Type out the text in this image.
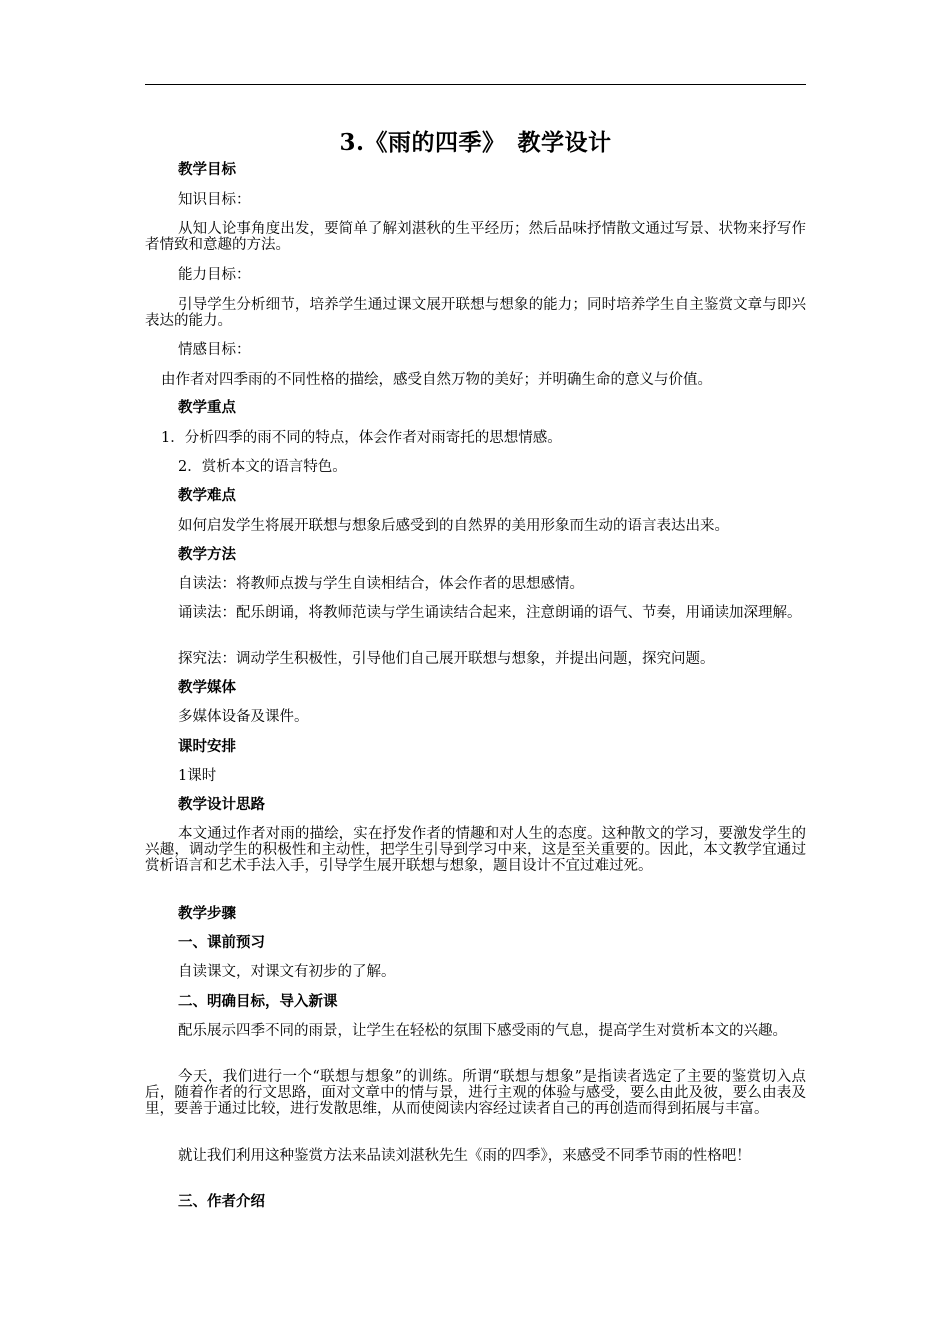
3.《雨的四季》　教学设计

教学目标

知识目标：

从知人论事角度出发，要简单了解刘湛秋的生平经历；然后品味抒情散文通过写景、状物来抒写作者情致和意趣的方法。

能力目标：

引导学生分析细节，培养学生通过课文展开联想与想象的能力；同时培养学生自主鉴赏文章与即兴表达的能力。

情感目标：

由作者对四季雨的不同性格的描绘，感受自然万物的美好；并明确生命的意义与价值。

教学重点

1．分析四季的雨不同的特点，体会作者对雨寄托的思想情感。

2．赏析本文的语言特色。

教学难点

如何启发学生将展开联想与想象后感受到的自然界的美用形象而生动的语言表达出来。

教学方法

自读法：将教师点拨与学生自读相结合，体会作者的思想感情。

诵读法：配乐朗诵，将教师范读与学生诵读结合起来，注意朗诵的语气、节奏，用诵读加深理解。

探究法：调动学生积极性，引导他们自己展开联想与想象，并提出问题，探究问题。

教学媒体

多媒体设备及课件。

课时安排

1课时

教学设计思路

本文通过作者对雨的描绘，实在抒发作者的情趣和对人生的态度。这种散文的学习，要激发学生的兴趣，调动学生的积极性和主动性，把学生引导到学习中来，这是至关重要的。因此，本文教学宜通过赏析语言和艺术手法入手，引导学生展开联想与想象，题目设计不宜过难过死。

教学步骤

一、课前预习

自读课文，对课文有初步的了解。

二、明确目标，导入新课

配乐展示四季不同的雨景，让学生在轻松的氛围下感受雨的气息，提高学生对赏析本文的兴趣。

今天，我们进行一个“联想与想象”的训练。所谓“联想与想象”是指读者选定了主要的鉴赏切入点后，随着作者的行文思路，面对文章中的情与景，进行主观的体验与感受，要么由此及彼，要么由表及里，要善于通过比较，进行发散思维，从而使阅读内容经过读者自己的再创造而得到拓展与丰富。

就让我们利用这种鉴赏方法来品读刘湛秋先生《雨的四季》，来感受不同季节雨的性格吧！

三、作者介绍
